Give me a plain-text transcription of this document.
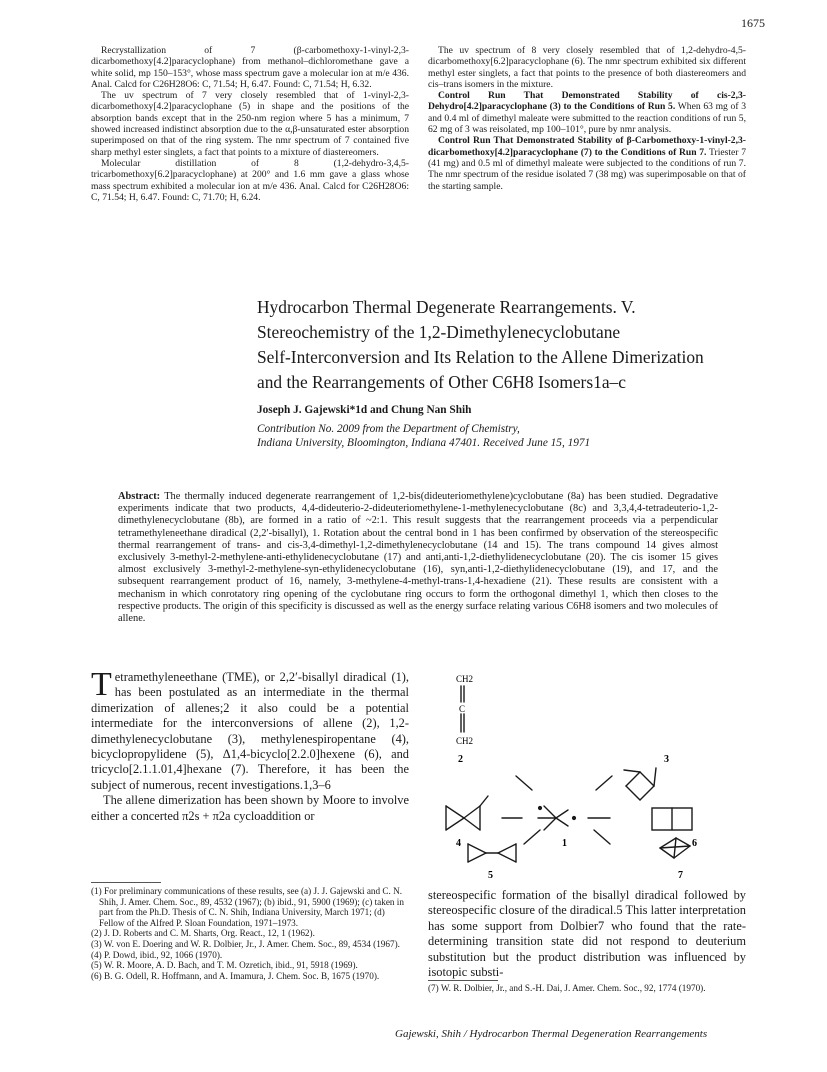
1675

Recrystallization of 7 (β-carbomethoxy-1-vinyl-2,3-dicarbomethoxy[4.2]paracyclophane) from methanol–dichloromethane gave a white solid, mp 150–153°, whose mass spectrum gave a molecular ion at m/e 436. Anal. Calcd for C26H28O6: C, 71.54; H, 6.47. Found: C, 71.54; H, 6.32.

The uv spectrum of 7 very closely resembled that of 1-vinyl-2,3-dicarbomethoxy[4.2]paracyclophane (5) in shape and the positions of the absorption bands except that in the 250-nm region where 5 has a minimum, 7 showed increased indistinct absorption due to the α,β-unsaturated ester absorption superimposed on that of the ring system. The nmr spectrum of 7 contained five sharp methyl ester singlets, a fact that points to a mixture of diastereomers.

Molecular distillation of 8 (1,2-dehydro-3,4,5-tricarbomethoxy[6.2]paracyclophane) at 200° and 1.6 mm gave a glass whose mass spectrum exhibited a molecular ion at m/e 436. Anal. Calcd for C26H28O6: C, 71.54; H, 6.47. Found: C, 71.70; H, 6.24.

The uv spectrum of 8 very closely resembled that of 1,2-dehydro-4,5-dicarbomethoxy[6.2]paracyclophane (6). The nmr spectrum exhibited six different methyl ester singlets, a fact that points to the presence of both diastereomers and cis–trans isomers in the mixture.

Control Run That Demonstrated Stability of cis-2,3-Dehydro[4.2]paracyclophane (3) to the Conditions of Run 5. When 63 mg of 3 and 0.4 ml of dimethyl maleate were submitted to the reaction conditions of run 5, 62 mg of 3 was reisolated, mp 100–101°, pure by nmr analysis.

Control Run That Demonstrated Stability of β-Carbomethoxy-1-vinyl-2,3-dicarbomethoxy[4.2]paracyclophane (7) to the Conditions of Run 7. Triester 7 (41 mg) and 0.5 ml of dimethyl maleate were subjected to the conditions of run 7. The nmr spectrum of the residue isolated 7 (38 mg) was superimposable on that of the starting sample.

Hydrocarbon Thermal Degenerate Rearrangements. V.
Stereochemistry of the 1,2-Dimethylenecyclobutane
Self-Interconversion and Its Relation to the Allene Dimerization
and the Rearrangements of Other C6H8 Isomers1a–c
Joseph J. Gajewski*1d and Chung Nan Shih
Contribution No. 2009 from the Department of Chemistry,
Indiana University, Bloomington, Indiana 47401. Received June 15, 1971
Abstract: The thermally induced degenerate rearrangement of 1,2-bis(dideuteriomethylene)cyclobutane (8a) has been studied. Degradative experiments indicate that two products, 4,4-dideuterio-2-dideuteriomethylene-1-methylenecyclobutane (8c) and 3,3,4,4-tetradeuterio-1,2-dimethylenecyclobutane (8b), are formed in a ratio of ~2:1. This result suggests that the rearrangement proceeds via a perpendicular tetramethyleneethane diradical (2,2′-bisallyl), 1. Rotation about the central bond in 1 has been confirmed by observation of the stereospecific thermal rearrangement of trans- and cis-3,4-dimethyl-1,2-dimethylenecyclobutane (14 and 15). The trans compound 14 gives almost exclusively 3-methyl-2-methylene-anti-ethylidenecyclobutane (17) and anti,anti-1,2-diethylidenecyclobutane (20). The cis isomer 15 gives almost exclusively 3-methyl-2-methylene-syn-ethylidenecyclobutane (16), syn,anti-1,2-diethylidenecyclobutane (19), and 17, and the subsequent rearrangement product of 16, namely, 3-methylene-4-methyl-trans-1,4-hexadiene (21). These results are consistent with a mechanism in which conrotatory ring opening of the cyclobutane ring occurs to form the orthogonal dimethyl 1, which then closes to the respective products. The origin of this specificity is discussed as well as the energy surface relating various C6H8 isomers and two molecules of allene.

Tetramethyleneethane (TME), or 2,2′-bisallyl diradical (1), has been postulated as an intermediate in the thermal dimerization of allenes;2 it also could be a potential intermediate for the interconversions of allene (2), 1,2-dimethylenecyclobutane (3), methylenespiropentane (4), bicyclopropylidene (5), Δ1,4-bicyclo[2.2.0]hexene (6), and tricyclo[2.1.1.01,4]hexane (7). Therefore, it has been the subject of numerous, recent investigations.1,3–6

The allene dimerization has been shown by Moore to involve either a concerted π2s + π2a cycloaddition or

(1) For preliminary communications of these results, see (a) J. J. Gajewski and C. N. Shih, J. Amer. Chem. Soc., 89, 4532 (1967); (b) ibid., 91, 5900 (1969); (c) taken in part from the Ph.D. Thesis of C. N. Shih, Indiana University, March 1971; (d) Fellow of the Alfred P. Sloan Foundation, 1971–1973.

(2) J. D. Roberts and C. M. Sharts, Org. React., 12, 1 (1962).

(3) W. von E. Doering and W. R. Dolbier, Jr., J. Amer. Chem. Soc., 89, 4534 (1967).

(4) P. Dowd, ibid., 92, 1066 (1970).

(5) W. R. Moore, A. D. Bach, and T. M. Ozretich, ibid., 91, 5918 (1969).

(6) B. G. Odell, R. Hoffmann, and A. Imamura, J. Chem. Soc. B, 1675 (1970).

CH2
C
CH2
2	3
4	1	6
5	7
stereospecific formation of the bisallyl diradical followed by stereospecific closure of the diradical.5 This latter interpretation has some support from Dolbier7 who found that the rate-determining transition state did not respond to deuterium substitution but the product distribution was influenced by isotopic substi-
(7) W. R. Dolbier, Jr., and S.-H. Dai, J. Amer. Chem. Soc., 92, 1774 (1970).
Gajewski, Shih / Hydrocarbon Thermal Degeneration Rearrangements
